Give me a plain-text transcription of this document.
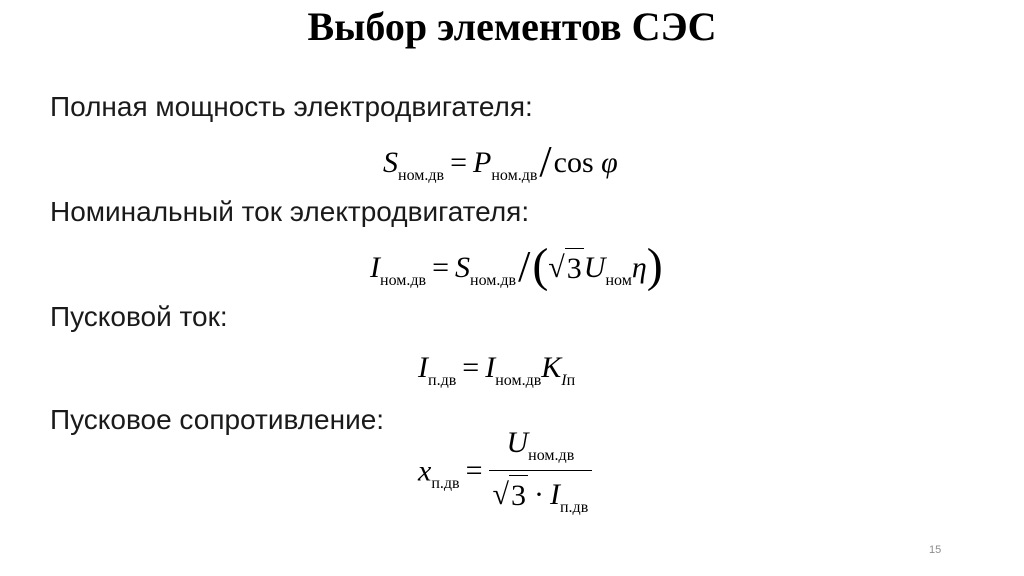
Выбор элементов СЭС
Полная мощность электродвигателя:
$S_{ном.дв} = P_{ном.дв}/\cos$ φ
Номинальный ток электродвигателя:
$I_{ном.дв} = S_{ном.дв}/$( √ 3 $U_{ном}\eta$)
Пусковой ток:
$I_{п.дв} = I_{ном.дв}K_{Iп}$
Пусковое сопротивление:
$x_{п.дв} = \frac{U_{ном.дв}}{√ 3 \cdot I_{п.дв}}$
15
